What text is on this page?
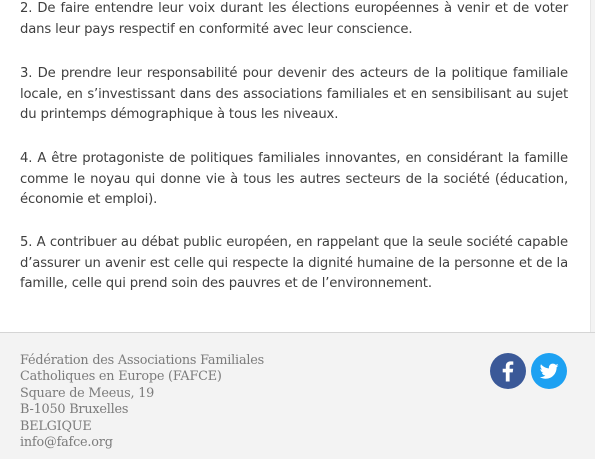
2. De faire entendre leur voix durant les élections européennes à venir et de voter dans leur pays respectif en conformité avec leur conscience.

3. De prendre leur responsabilité pour devenir des acteurs de la politique familiale locale, en s’investissant dans des associations familiales et en sensibilisant au sujet du printemps démographique à tous les niveaux.

4. A être protagoniste de politiques familiales innovantes, en considérant la famille comme le noyau qui donne vie à tous les autres secteurs de la société (éducation, économie et emploi).

5. A contribuer au débat public européen, en rappelant que la seule société capable d’assurer un avenir est celle qui respecte la dignité humaine de la personne et de la famille, celle qui prend soin des pauvres et de l’environnement.

Fédération des Associations Familiales
Catholiques en Europe (FAFCE)
Square de Meeus, 19
B-1050 Bruxelles
BELGIQUE
info@fafce.org
